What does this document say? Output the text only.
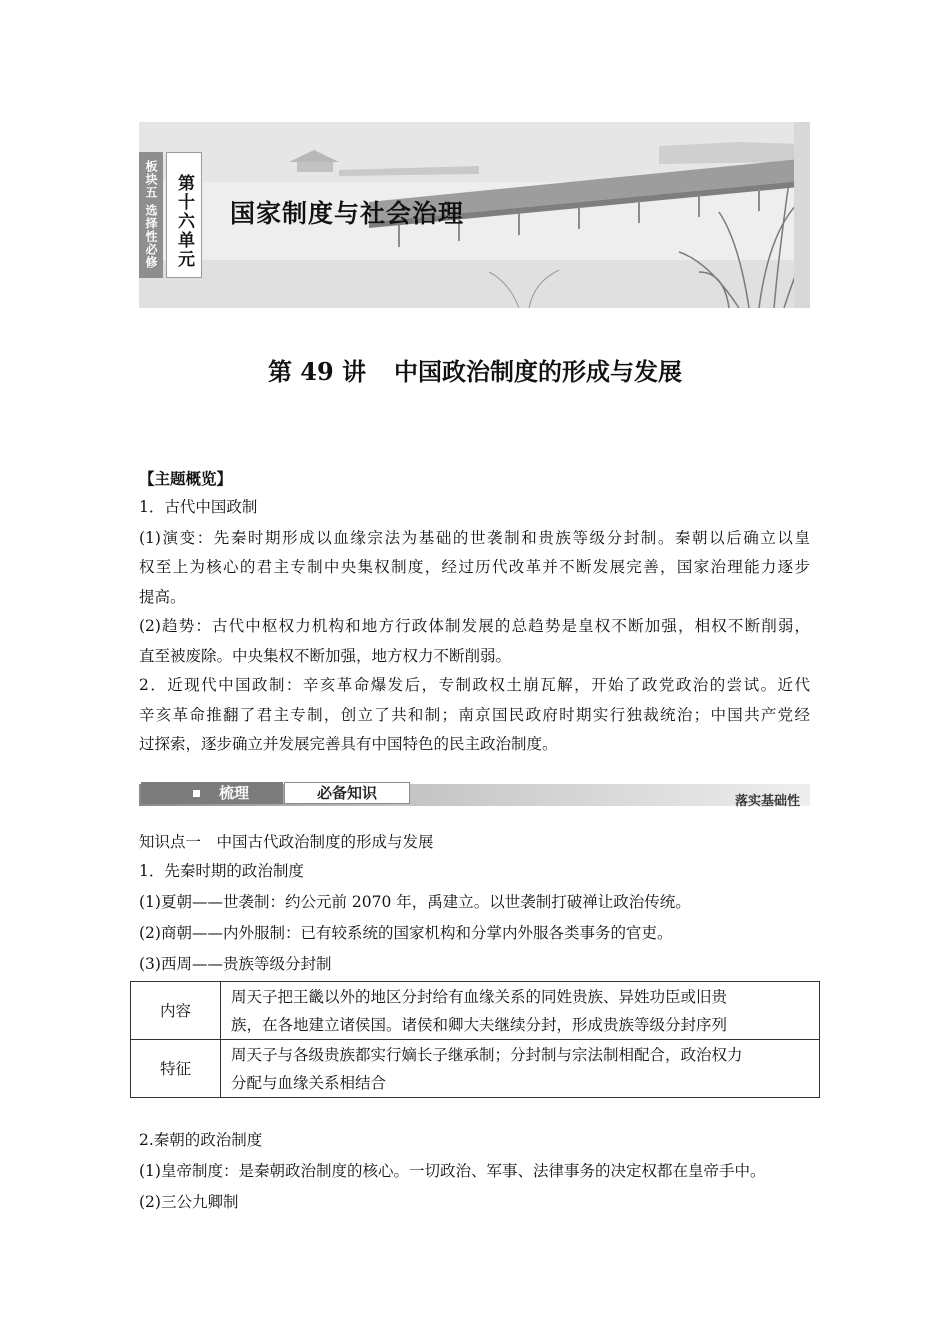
板块五 选择性必修 第十六单元	国家制度与社会治理
第 49 讲 中国政治制度的形成与发展
【主题概览】
1．古代中国政制
(1)演变：先秦时期形成以血缘宗法为基础的世袭制和贵族等级分封制。秦朝以后确立以皇
权至上为核心的君主专制中央集权制度，经过历代改革并不断发展完善，国家治理能力逐步
提高。
(2)趋势：古代中枢权力机构和地方行政体制发展的总趋势是皇权不断加强，相权不断削弱，
直至被废除。中央集权不断加强，地方权力不断削弱。
2．近现代中国政制：辛亥革命爆发后，专制政权土崩瓦解，开始了政党政治的尝试。近代
辛亥革命推翻了君主专制，创立了共和制；南京国民政府时期实行独裁统治；中国共产党经
过探索，逐步确立并发展完善具有中国特色的民主政治制度。
梳理	必备知识	落实基础性
知识点一　中国古代政治制度的形成与发展
1．先秦时期的政治制度
(1)夏朝——世袭制：约公元前 2070 年，禹建立。以世袭制打破禅让政治传统。
(2)商朝——内外服制：已有较系统的国家机构和分掌内外服各类事务的官吏。
(3)西周——贵族等级分封制
内容	周天子把王畿以外的地区分封给有血缘关系的同姓贵族、异姓功臣或旧贵
族，在各地建立诸侯国。诸侯和卿大夫继续分封，形成贵族等级分封序列

特征	周天子与各级贵族都实行嫡长子继承制；分封制与宗法制相配合，政治权力
分配与血缘关系相结合
2.秦朝的政治制度
(1)皇帝制度：是秦朝政治制度的核心。一切政治、军事、法律事务的决定权都在皇帝手中。
(2)三公九卿制
